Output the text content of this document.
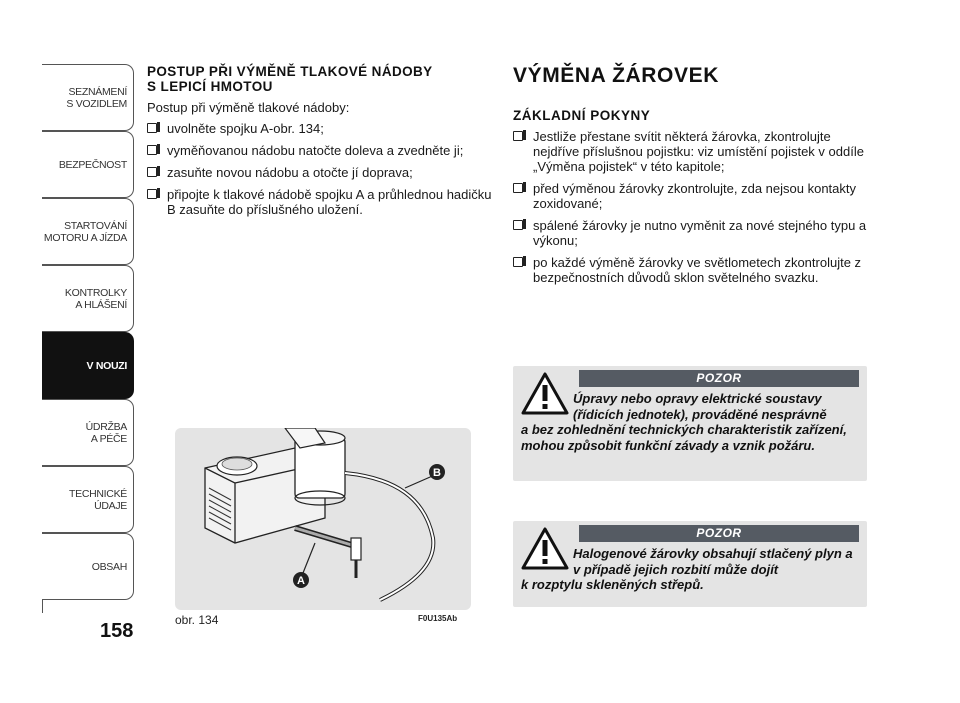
SEZNÁMENÍ
S VOZIDLEM
BEZPEČNOST
STARTOVÁNÍ
MOTORU A JÍZDA
KONTROLKY
A HLÁŠENÍ
V NOUZI
ÚDRŽBA
A PÉČE
TECHNICKÉ
ÚDAJE
OBSAH
158

POSTUP PŘI VÝMĚNĚ TLAKOVÉ NÁDOBY

S LEPICÍ HMOTOU

Postup při výměně tlakové nádoby:

uvolněte spojku A-obr. 134;
vyměňovanou nádobu natočte doleva a zvedněte ji;
zasuňte novou nádobu a otočte jí doprava;
připojte k tlakové nádobě spojku A a průhlednou hadičku B zasuňte do příslušného uložení.
B
A
obr. 134	F0U135Ab
VÝMĚNA ŽÁROVEK
ZÁKLADNÍ POKYNY
Jestliže přestane svítit některá žárovka, zkontrolujte nejdříve příslušnou pojistku: viz umístění pojistek v oddíle „Výměna pojistek“ v této kapitole;
před výměnou žárovky zkontrolujte, zda nejsou kontakty zoxidované;
spálené žárovky je nutno vyměnit za nové stejného typu a výkonu;
po každé výměně žárovky ve světlometech zkontrolujte z bezpečnostních důvodů sklon světelného svazku.
POZOR
Úpravy nebo opravy elektrické soustavy (řídicích jednotek), prováděné nesprávně
a bez zohlednění technických charakteristik zařízení, mohou způsobit funkční závady a vznik požáru.
POZOR
Halogenové žárovky obsahují stlačený plyn a v případě jejich rozbití může dojít
k rozptylu skleněných střepů.
